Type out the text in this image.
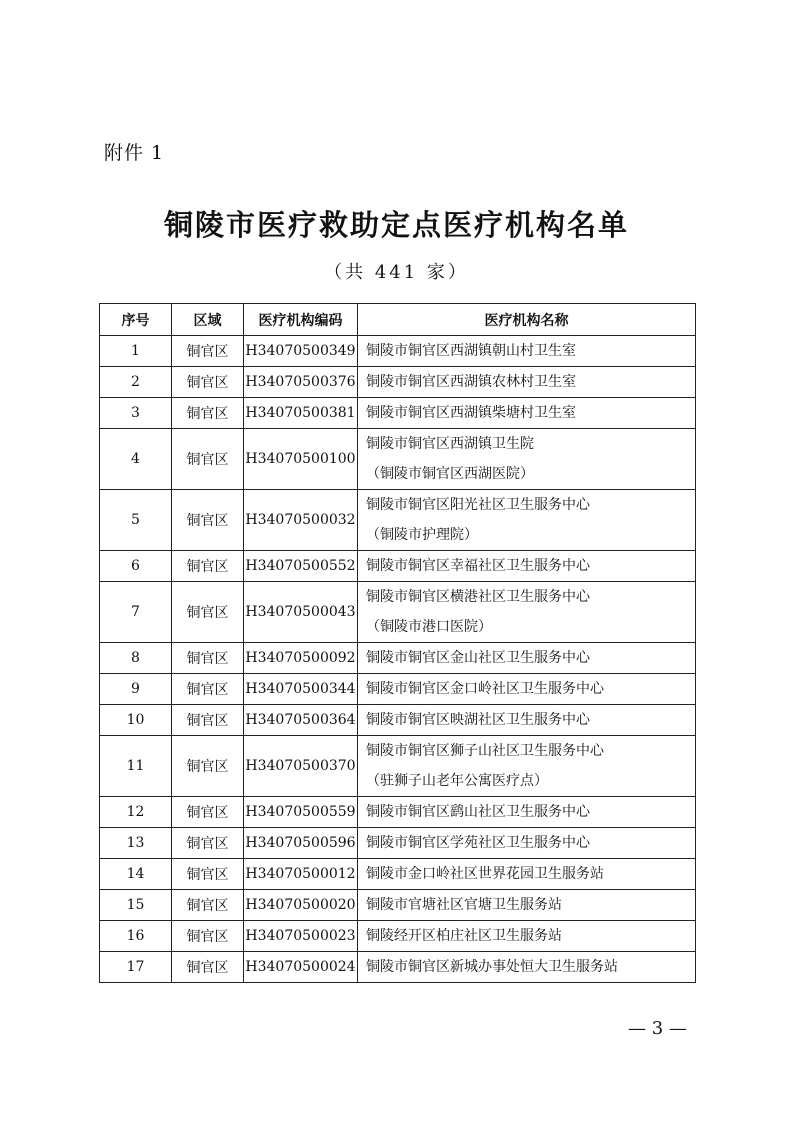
附件 1
铜陵市医疗救助定点医疗机构名单
（共 441 家）
序号	区域	医疗机构编码	医疗机构名称
1	铜官区	H34070500349	铜陵市铜官区西湖镇朝山村卫生室

2	铜官区	H34070500376	铜陵市铜官区西湖镇农林村卫生室

3	铜官区	H34070500381	铜陵市铜官区西湖镇柴塘村卫生室

4	铜官区	H34070500100	铜陵市铜官区西湖镇卫生院
（铜陵市铜官区西湖医院）

5	铜官区	H34070500032	铜陵市铜官区阳光社区卫生服务中心
（铜陵市护理院）

6	铜官区	H34070500552	铜陵市铜官区幸福社区卫生服务中心

7	铜官区	H34070500043	铜陵市铜官区横港社区卫生服务中心
（铜陵市港口医院）

8	铜官区	H34070500092	铜陵市铜官区金山社区卫生服务中心

9	铜官区	H34070500344	铜陵市铜官区金口岭社区卫生服务中心

10	铜官区	H34070500364	铜陵市铜官区映湖社区卫生服务中心

11	铜官区	H34070500370	铜陵市铜官区狮子山社区卫生服务中心
（驻狮子山老年公寓医疗点）

12	铜官区	H34070500559	铜陵市铜官区鹞山社区卫生服务中心

13	铜官区	H34070500596	铜陵市铜官区学苑社区卫生服务中心

14	铜官区	H34070500012	铜陵市金口岭社区世界花园卫生服务站

15	铜官区	H34070500020	铜陵市官塘社区官塘卫生服务站

16	铜官区	H34070500023	铜陵经开区柏庄社区卫生服务站

17	铜官区	H34070500024	铜陵市铜官区新城办事处恒大卫生服务站
— 3 —
